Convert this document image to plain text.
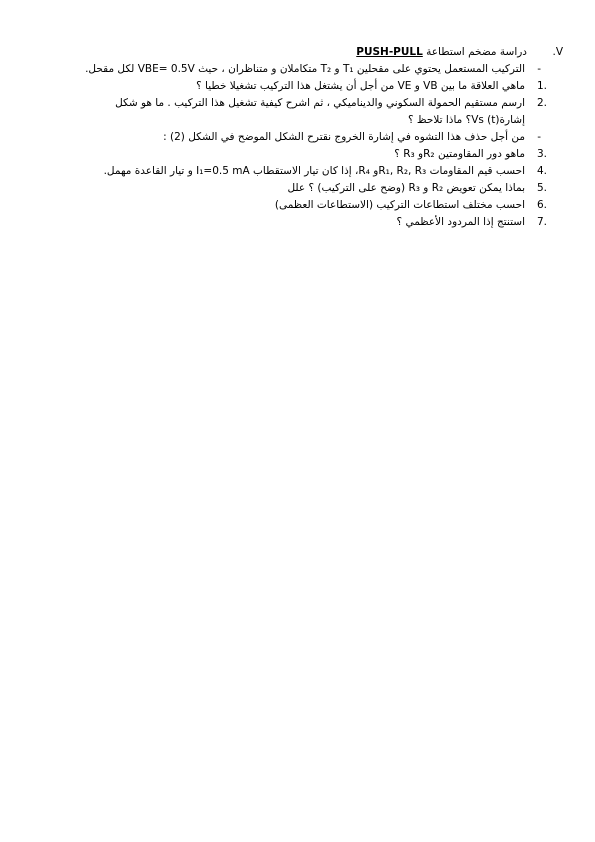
V.
دراسة مضخم استطاعة PUSH-PULL
-
التركيب المستعمل يحتوي على مقحلين T₁ و T₂ متكاملان و متناظران ، حيث VBE= 0.5V لكل مقحل.
.1
ماهي العلاقة ما بين VB و VE من أجل أن يشتغل هذا التركيب تشغيلا خطيا ؟
.2
ارسم مستقيم الحمولة السكوني والديناميكي ، ثم اشرح كيفية تشغيل هذا التركيب . ما هو شكل
إشارة(t) Vs؟ ماذا تلاحظ ؟
-
من أجل حذف هذا التشوه في إشارة الخروج نقترح الشكل الموضح في الشكل (2) :
.3
ماهو دور المقاومتين R₂و R₃ ؟
.4
احسب قيم المقاومات R₁, R₂, R₃و R₄، إذا كان تيار الاستقطاب I₁=0.5 mA و تيار القاعدة مهمل.
.5
بماذا يمكن تعويض R₂ و R₃ (وضح على التركيب) ؟ علل
.6
احسب مختلف استطاعات التركيب (الاستطاعات العظمى)
.7
استنتج إذا المردود الأعظمي ؟
